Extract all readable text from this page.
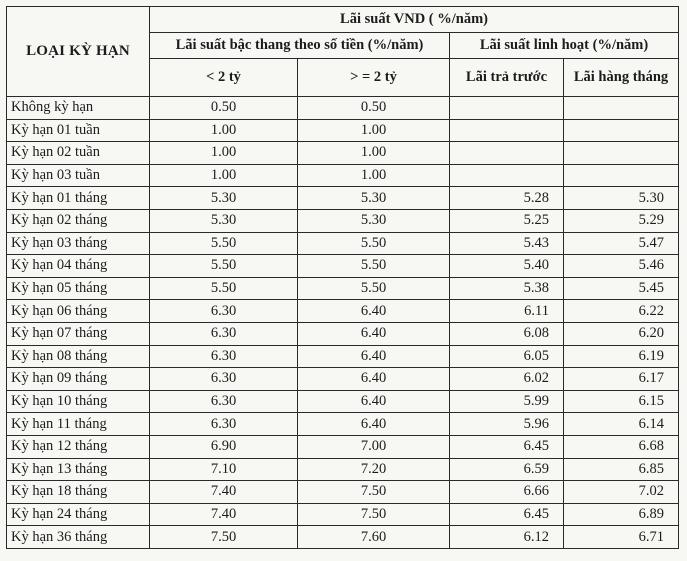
LOẠI KỲ HẠN	Lãi suất VND ( %/năm)			
	Lãi suất bậc thang theo số tiền (%/năm)		Lãi suất linh hoạt (%/năm)	
	< 2 tỷ	> = 2 tỷ	Lãi trả trước	Lãi hàng tháng
Không kỳ hạn	0.50	0.50		
Kỳ hạn 01 tuần	1.00	1.00		
Kỳ hạn 02 tuần	1.00	1.00		
Kỳ hạn 03 tuần	1.00	1.00		
Kỳ hạn 01 tháng	5.30	5.30	5.28	5.30
Kỳ hạn 02 tháng	5.30	5.30	5.25	5.29
Kỳ hạn 03 tháng	5.50	5.50	5.43	5.47
Kỳ hạn 04 tháng	5.50	5.50	5.40	5.46
Kỳ hạn 05 tháng	5.50	5.50	5.38	5.45
Kỳ hạn 06 tháng	6.30	6.40	6.11	6.22
Kỳ hạn 07 tháng	6.30	6.40	6.08	6.20
Kỳ hạn 08 tháng	6.30	6.40	6.05	6.19
Kỳ hạn 09 tháng	6.30	6.40	6.02	6.17
Kỳ hạn 10 tháng	6.30	6.40	5.99	6.15
Kỳ hạn 11 tháng	6.30	6.40	5.96	6.14
Kỳ hạn 12 tháng	6.90	7.00	6.45	6.68
Kỳ hạn 13 tháng	7.10	7.20	6.59	6.85
Kỳ hạn 18 tháng	7.40	7.50	6.66	7.02
Kỳ hạn 24 tháng	7.40	7.50	6.45	6.89
Kỳ hạn 36 tháng	7.50	7.60	6.12	6.71
